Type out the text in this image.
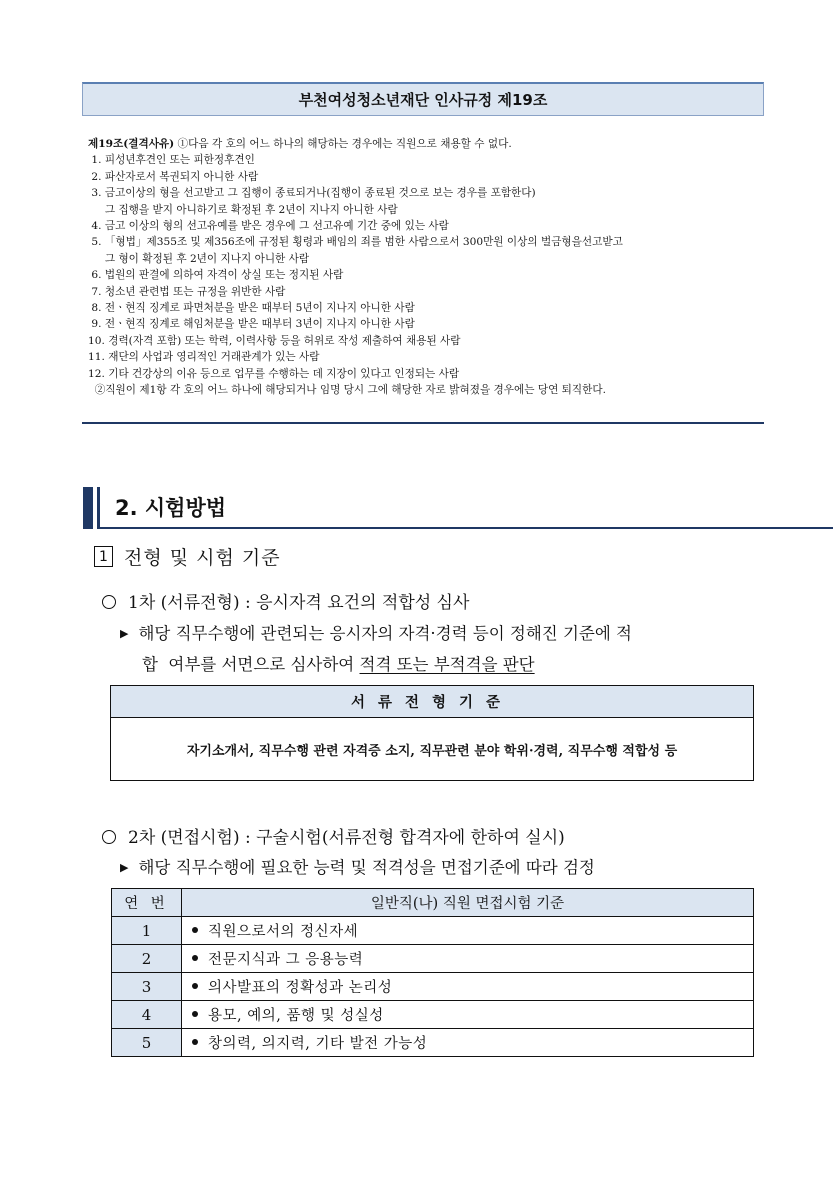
부천여성청소년재단 인사규정 제19조
제19조(결격사유) ①다음 각 호의 어느 하나의 해당하는 경우에는 직원으로 채용할 수 없다.
1. 피성년후견인 또는 피한정후견인
2. 파산자로서 복권되지 아니한 사람
3. 금고이상의 형을 선고받고 그 집행이 종료되거나(집행이 종료된 것으로 보는 경우를 포함한다)
그 집행을 받지 아니하기로 확정된 후 2년이 지나지 아니한 사람
4. 금고 이상의 형의 선고유예를 받은 경우에 그 선고유예 기간 중에 있는 사람
5. 「형법」제355조 및 제356조에 규정된 횡령과 배임의 죄를 범한 사람으로서 300만원 이상의 벌금형을선고받고
그 형이 확정된 후 2년이 지나지 아니한 사람
6. 법원의 판결에 의하여 자격이 상실 또는 정지된 사람
7. 청소년 관련법 또는 규정을 위반한 사람
8. 전ㆍ현직 징계로 파면처분을 받은 때부터 5년이 지나지 아니한 사람
9. 전ㆍ현직 징계로 해임처분을 받은 때부터 3년이 지나지 아니한 사람
10. 경력(자격 포함) 또는 학력, 이력사항 등을 허위로 작성 제출하여 채용된 사람
11. 재단의 사업과 영리적인 거래관계가 있는 사람
12. 기타 건강상의 이유 등으로 업무를 수행하는 데 지장이 있다고 인정되는 사람
②직원이 제1항 각 호의 어느 하나에 해당되거나 임명 당시 그에 해당한 자로 밝혀졌을 경우에는 당연 퇴직한다.
2. 시험방법
1 전형 및 시험 기준
1차 (서류전형) : 응시자격 요건의 적합성 심사
▶ 해당 직무수행에 관련되는 응시자의 자격·경력 등이 정해진 기준에 적
합  여부를 서면으로 심사하여 적격 또는 부적격을 판단
서류전형기준
자기소개서, 직무수행 관련 자격증 소지, 직무관련 분야 학위·경력, 직무수행 적합성 등
2차 (면접시험) : 구술시험(서류전형 합격자에 한하여 실시)
▶ 해당 직무수행에 필요한 능력 및 적격성을 면접기준에 따라 검정
연 번	일반직(나) 직원 면접시험 기준
1	직원으로서의 정신자세
2	전문지식과 그 응용능력
3	의사발표의 정확성과 논리성
4	용모, 예의, 품행 및 성실성
5	창의력, 의지력, 기타 발전 가능성
